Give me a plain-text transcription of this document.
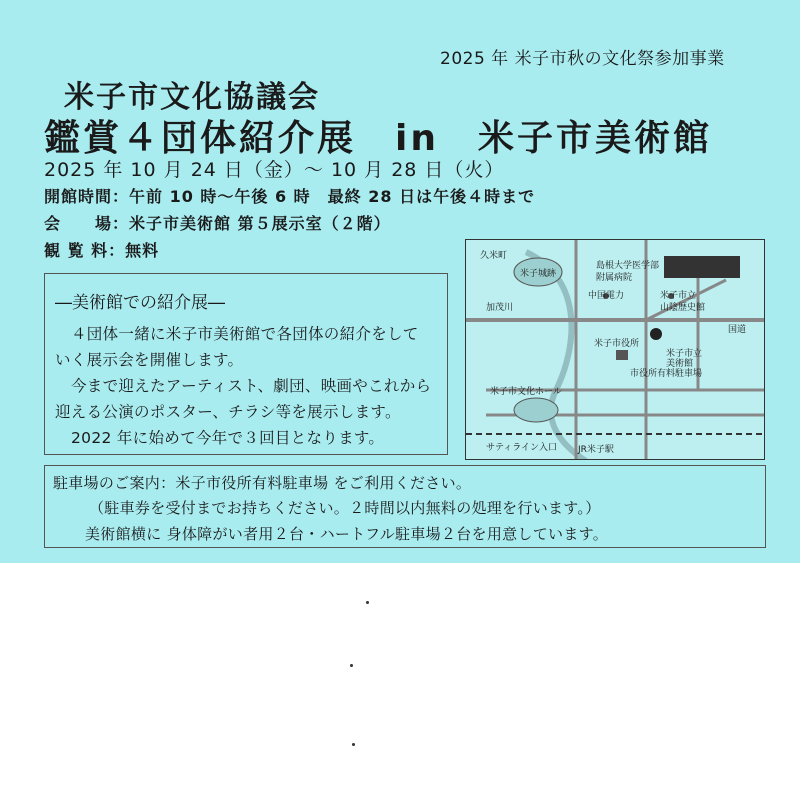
2025 年 米子市秋の文化祭参加事業
米子市文化協議会
鑑賞４団体紹介展　in　米子市美術館
2025 年 10 月 24 日（金）～ 10 月 28 日（火）
開館時間：午前 10 時～午後 6 時　最終 28 日は午後４時まで
会　　場：米子市美術館 第５展示室（２階）
観 覧 料：無料
―美術館での紹介展―
４団体一緒に米子市美術館で各団体の紹介をして
いく展示会を開催します。
今まで迎えたアーティスト、劇団、映画やこれから
迎える公演のポスター、チラシ等を展示します。
2022 年に始めて今年で３回目となります。
久米町
米子城跡
島根大学医学部
附属病院
中国電力	米子市立
山陰歴史館
加茂川
米子市立
美術館
米子市役所
市役所有料駐車場
米子市文化ホール
JR米子駅
サティライン入口
国道
駐車場のご案内：米子市役所有料駐車場 をご利用ください。
（駐車券を受付までお持ちください。２時間以内無料の処理を行います。）
美術館横に 身体障がい者用２台・ハートフル駐車場２台を用意しています。
